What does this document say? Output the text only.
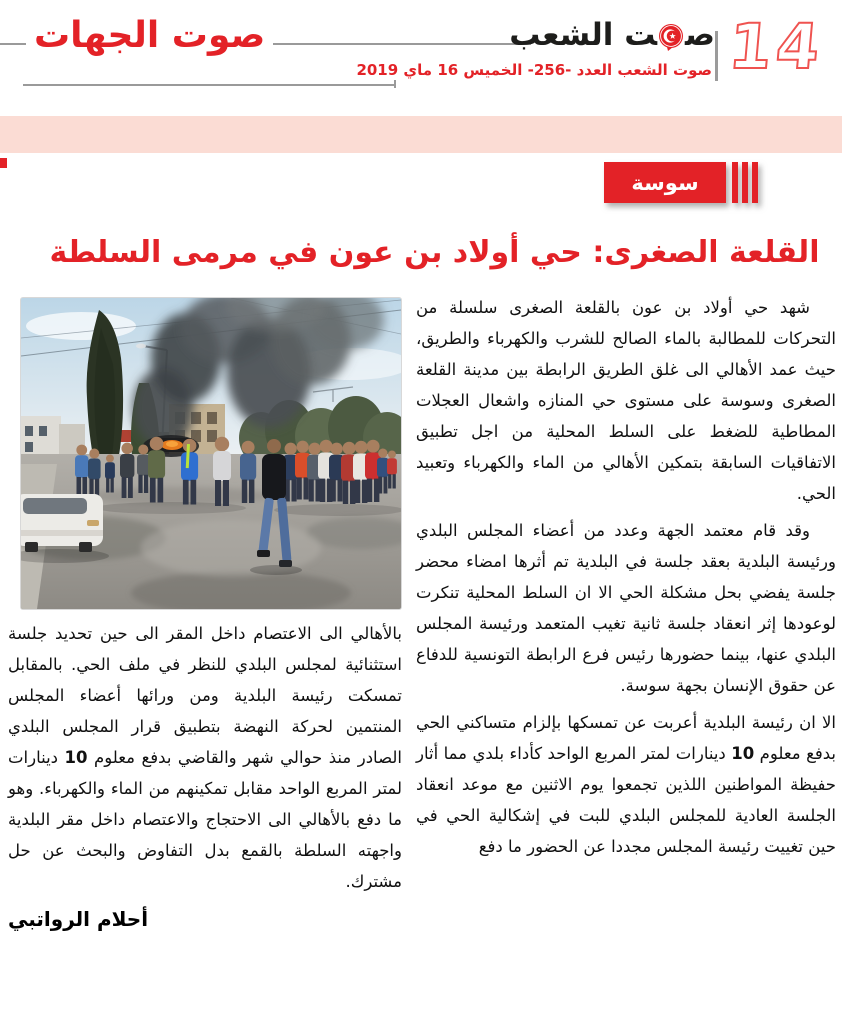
صوت الجهات	ص‍
‍ت الشعب
صوت الشعب العدد -256- الخميس 16 ماي 2019 14
سوسة
القلعة الصغرى: حي أولاد بن عون في مرمى السلطة

شهد حي أولاد بن عون بالقلعة الصغرى سلسلة من التحركات للمطالبة بالماء الصالح للشرب والكهرباء والطريق، حيث عمد الأهالي الى غلق الطريق الرابطة بين مدينة القلعة الصغرى وسوسة على مستوى حي المنازه واشعال العجلات المطاطية للضغط على السلط المحلية من اجل تطبيق الاتفاقيات السابقة بتمكين الأهالي من الماء والكهرباء وتعبيد الحي.

وقد قام معتمد الجهة وعدد من أعضاء المجلس البلدي ورئيسة البلدية بعقد جلسة في البلدية تم أثرها امضاء محضر جلسة يفضي بحل مشكلة الحي الا ان السلط المحلية تنكرت لوعودها إثر انعقاد جلسة ثانية تغيب المتعمد ورئيسة المجلس البلدي عنها، بينما حضورها رئيس فرع الرابطة التونسية للدفاع عن حقوق الإنسان بجهة سوسة.

الا ان رئيسة البلدية أعربت عن تمسكها بإلزام متساكني الحي بدفع معلوم 10 دينارات لمتر المربع الواحد كأداء بلدي مما أثار حفيظة المواطنين اللذين تجمعوا يوم الاثنين مع موعد انعقاد الجلسة العادية للمجلس البلدي للبت في إشكالية الحي في حين تغييت رئيسة المجلس مجددا عن الحضور ما دفع

بالأهالي الى الاعتصام داخل المقر الى حين تحديد جلسة استثنائية لمجلس البلدي للنظر في ملف الحي. بالمقابل تمسكت رئيسة البلدية ومن ورائها أعضاء المجلس المنتمين لحركة النهضة بتطبيق قرار المجلس البلدي الصادر منذ حوالي شهر والقاضي بدفع معلوم 10 دينارات لمتر المربع الواحد مقابل تمكينهم من الماء والكهرباء. وهو ما دفع بالأهالي الى الاحتجاج والاعتصام داخل مقر البلدية واجهته السلطة بالقمع بدل التفاوض والبحث عن حل مشترك.

أحلام الرواتبي
